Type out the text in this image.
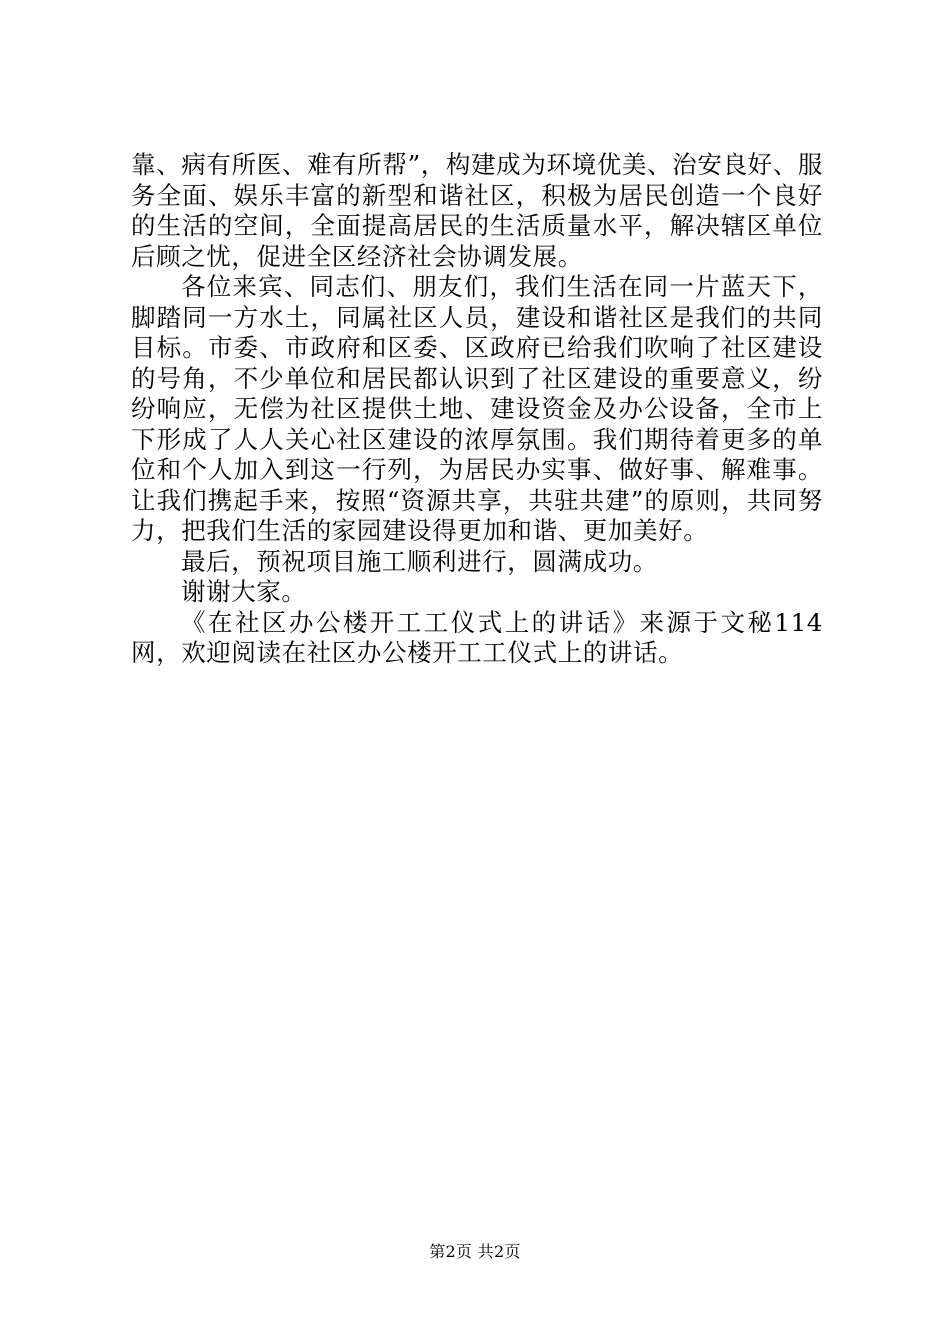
靠、病有所医、难有所帮”，构建成为环境优美、治安良好、服务全面、娱乐丰富的新型和谐社区，积极为居民创造一个良好的生活的空间，全面提高居民的生活质量水平，解决辖区单位后顾之忧，促进全区经济社会协调发展。

各位来宾、同志们、朋友们，我们生活在同一片蓝天下，脚踏同一方水土，同属社区人员，建设和谐社区是我们的共同目标。市委、市政府和区委、区政府已给我们吹响了社区建设的号角，不少单位和居民都认识到了社区建设的重要意义，纷纷响应，无偿为社区提供土地、建设资金及办公设备，全市上下形成了人人关心社区建设的浓厚氛围。我们期待着更多的单位和个人加入到这一行列，为居民办实事、做好事、解难事。让我们携起手来，按照“资源共享，共驻共建”的原则，共同努力，把我们生活的家园建设得更加和谐、更加美好。

最后，预祝项目施工顺利进行，圆满成功。

谢谢大家。

《在社区办公楼开工工仪式上的讲话》来源于文秘114网，欢迎阅读在社区办公楼开工工仪式上的讲话。

第2页 共2页
